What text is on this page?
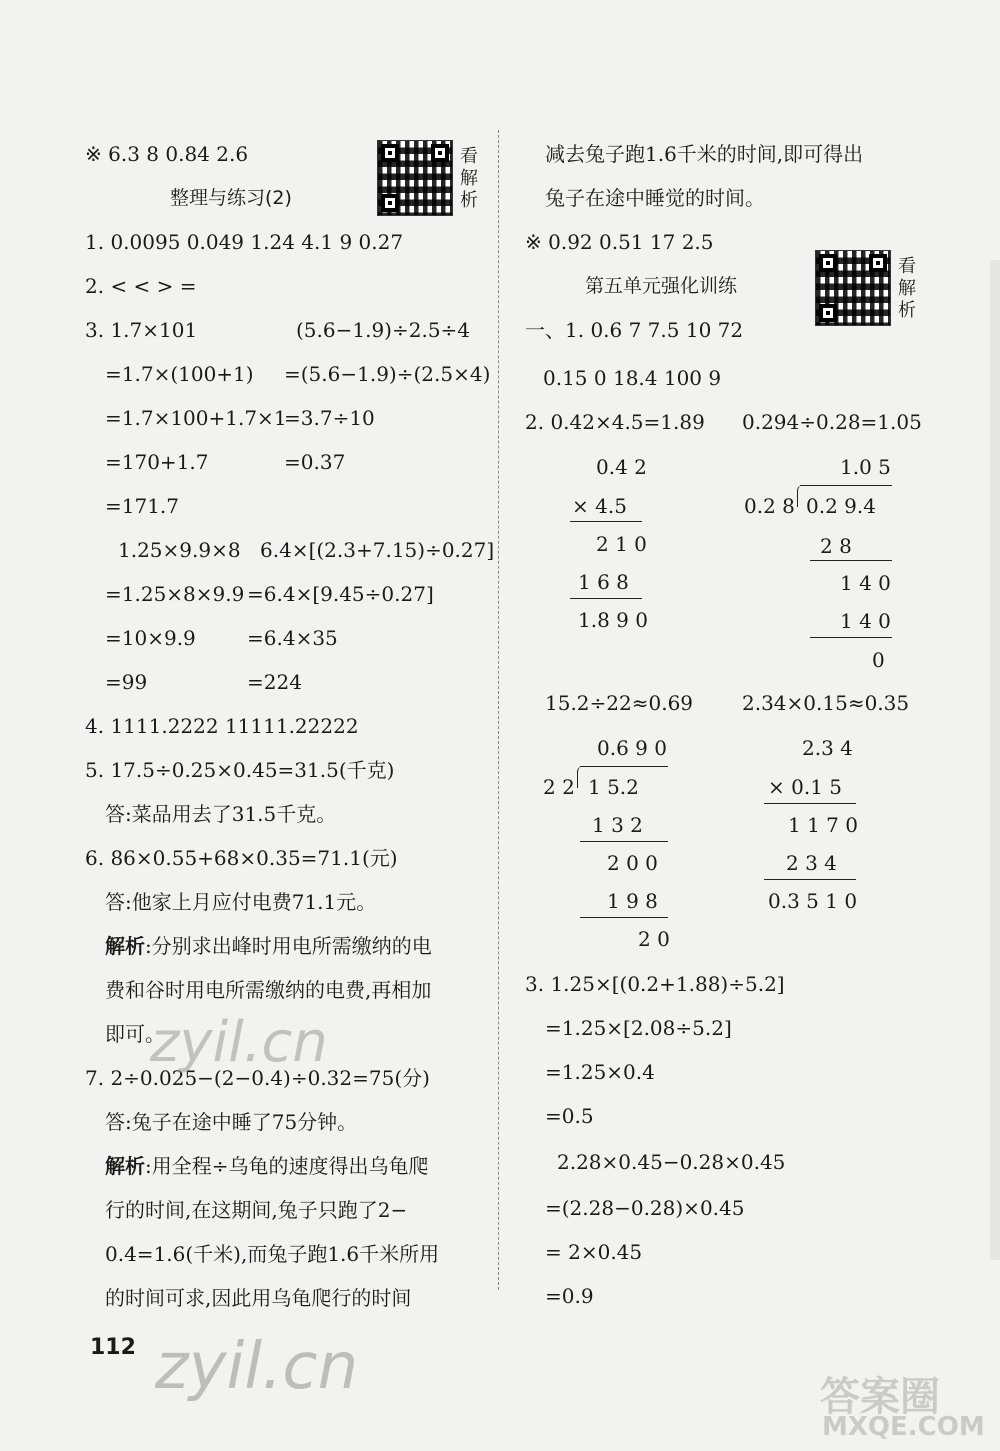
※ 6.3 8 0.84 2.6	看解析
整理与练习(2)
1. 0.0095 0.049 1.24 4.1 9 0.27
2. < < > =
3. 1.7×101
=1.7×(100+1)
=1.7×100+1.7×1
=170+1.7
=171.7
(5.6−1.9)÷2.5÷4
=(5.6−1.9)÷(2.5×4)
=3.7÷10
=0.37
1.25×9.9×8
=1.25×8×9.9
=10×9.9
=99
6.4×[(2.3+7.15)÷0.27]
=6.4×[9.45÷0.27]
=6.4×35
=224
4. 1111.2222 11111.22222
5. 17.5÷0.25×0.45=31.5(千克)
答:菜品用去了31.5千克。
6. 86×0.55+68×0.35=71.1(元)
答:他家上月应付电费71.1元。
解析:分别求出峰时用电所需缴纳的电
费和谷时用电所需缴纳的电费,再相加
即可。
7. 2÷0.025−(2−0.4)÷0.32=75(分)
答:兔子在途中睡了75分钟。
解析:用全程÷乌龟的速度得出乌龟爬
行的时间,在这期间,兔子只跑了2−
0.4=1.6(千米),而兔子跑1.6千米所用
的时间可求,因此用乌龟爬行的时间
112
减去兔子跑1.6千米的时间,即可得出
兔子在途中睡觉的时间。
※ 0.92 0.51 17 2.5
看解析
第五单元强化训练
一、1. 0.6 7 7.5 10 72
0.15 0 18.4 100 9
2. 0.42×4.5=1.89 0.294÷0.28=1.05
0.4 2
× 4.5
2 1 0
1 6 8
1.8 9 0
1.0 5
0.2 8 0.2 9.4
2 8
1 4 0
1 4 0
0
15.2÷22≈0.69 2.34×0.15≈0.35
0.6 9 0
2 2 1 5.2
1 3 2
2 0 0
1 9 8
2 0
2.3 4
× 0.1 5
1 1 7 0
2 3 4
0.3 5 1 0
3. 1.25×[(0.2+1.88)÷5.2]
=1.25×[2.08÷5.2]
=1.25×0.4
=0.5
2.28×0.45−0.28×0.45
=(2.28−0.28)×0.45
= 2×0.45
=0.9
zyil.cn
zyil.cn	答案圈
MXQE.COM
